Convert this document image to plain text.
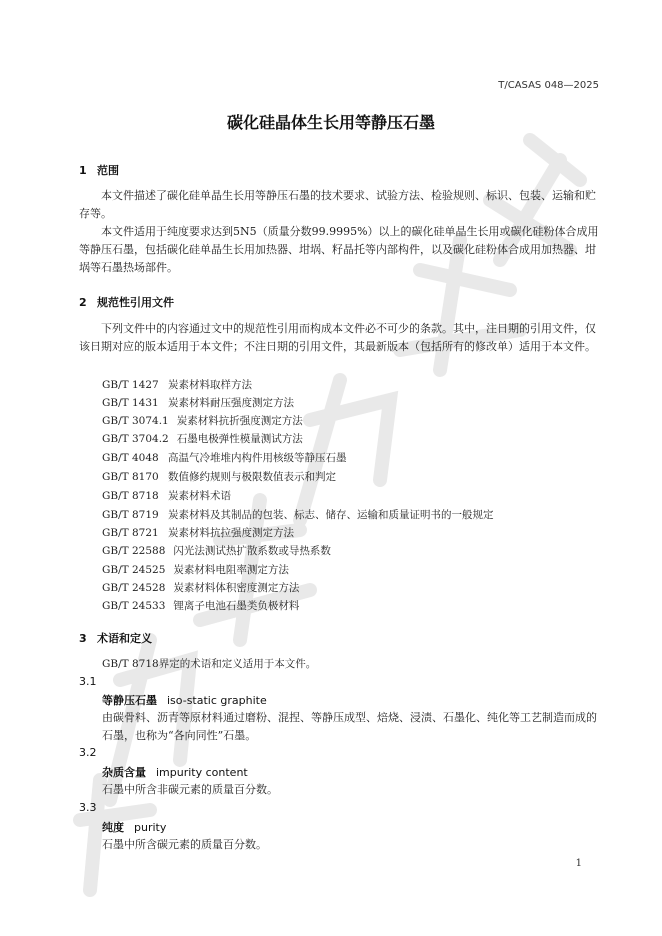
T/CASAS 048—2025
碳化硅晶体生长用等静压石墨
1 范围

本文件描述了碳化硅单晶生长用等静压石墨的技术要求、试验方法、检验规则、标识、包装、运输和贮存等。

本文件适用于纯度要求达到5N5（质量分数99.9995%）以上的碳化硅单晶生长用或碳化硅粉体合成用等静压石墨，包括碳化硅单晶生长用加热器、坩埚、籽晶托等内部构件，以及碳化硅粉体合成用加热器、坩埚等石墨热场部件。

2 规范性引用文件

下列文件中的内容通过文中的规范性引用而构成本文件必不可少的条款。其中，注日期的引用文件，仅该日期对应的版本适用于本文件；不注日期的引用文件，其最新版本（包括所有的修改单）适用于本文件。

GB/T 1427 炭素材料取样方法
GB/T 1431 炭素材料耐压强度测定方法
GB/T 3074.1 炭素材料抗折强度测定方法
GB/T 3704.2 石墨电极弹性模量测试方法
GB/T 4048 高温气冷堆堆内构件用核级等静压石墨
GB/T 8170 数值修约规则与极限数值表示和判定
GB/T 8718 炭素材料术语
GB/T 8719 炭素材料及其制品的包装、标志、储存、运输和质量证明书的一般规定
GB/T 8721 炭素材料抗拉强度测定方法
GB/T 22588 闪光法测试热扩散系数或导热系数
GB/T 24525 炭素材料电阻率测定方法
GB/T 24528 炭素材料体积密度测定方法
GB/T 24533 锂离子电池石墨类负极材料
3 术语和定义
GB/T 8718界定的术语和定义适用于本文件。
3.1
等静压石墨 iso-static graphite

由碳骨料、沥青等原材料通过磨粉、混捏、等静压成型、焙烧、浸渍、石墨化、纯化等工艺制造而成的石墨，也称为“各向同性”石墨。

3.2
杂质含量 impurity content

石墨中所含非碳元素的质量百分数。

3.3
纯度 purity

石墨中所含碳元素的质量百分数。

1
